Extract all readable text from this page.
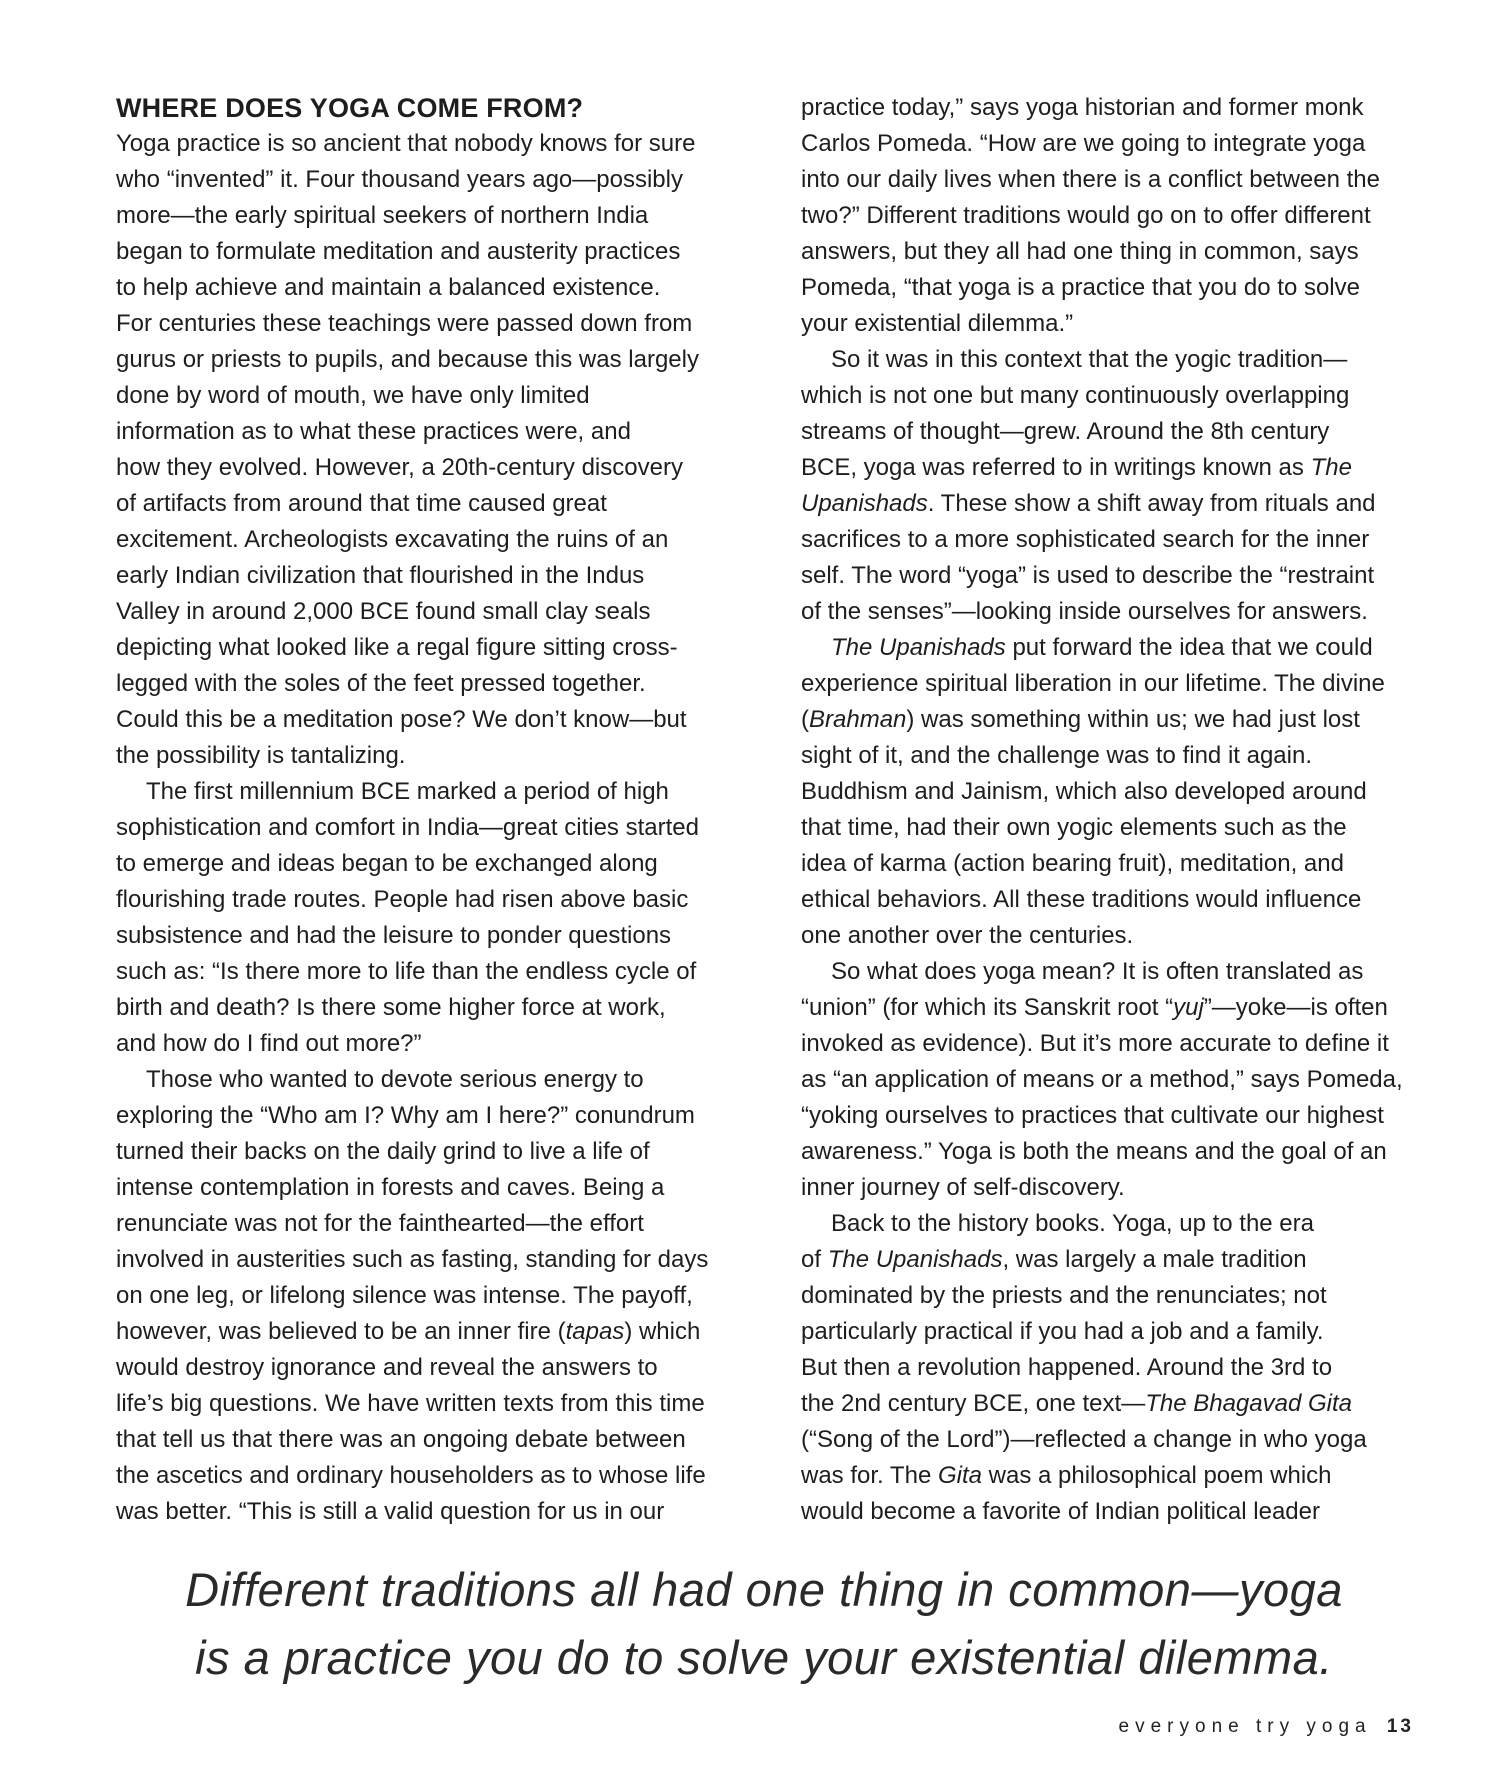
WHERE DOES YOGA COME FROM?
Yoga practice is so ancient that nobody knows for sure
who “invented” it. Four thousand years ago—possibly
more—the early spiritual seekers of northern India
began to formulate meditation and austerity practices
to help achieve and maintain a balanced existence.
For centuries these teachings were passed down from
gurus or priests to pupils, and because this was largely
done by word of mouth, we have only limited
information as to what these practices were, and
how they evolved. However, a 20th-century discovery
of artifacts from around that time caused great
excitement. Archeologists excavating the ruins of an
early Indian civilization that flourished in the Indus
Valley in around 2,000 BCE found small clay seals
depicting what looked like a regal figure sitting cross-
legged with the soles of the feet pressed together.
Could this be a meditation pose? We don’t know—but
the possibility is tantalizing.
The first millennium BCE marked a period of high
sophistication and comfort in India—great cities started
to emerge and ideas began to be exchanged along
flourishing trade routes. People had risen above basic
subsistence and had the leisure to ponder questions
such as: “Is there more to life than the endless cycle of
birth and death? Is there some higher force at work,
and how do I find out more?”
Those who wanted to devote serious energy to
exploring the “Who am I? Why am I here?” conundrum
turned their backs on the daily grind to live a life of
intense contemplation in forests and caves. Being a
renunciate was not for the fainthearted—the effort
involved in austerities such as fasting, standing for days
on one leg, or lifelong silence was intense. The payoff,
however, was believed to be an inner fire (tapas) which
would destroy ignorance and reveal the answers to
life’s big questions. We have written texts from this time
that tell us that there was an ongoing debate between
the ascetics and ordinary householders as to whose life
was better. “This is still a valid question for us in our
practice today,” says yoga historian and former monk
Carlos Pomeda. “How are we going to integrate yoga
into our daily lives when there is a conflict between the
two?” Different traditions would go on to offer different
answers, but they all had one thing in common, says
Pomeda, “that yoga is a practice that you do to solve
your existential dilemma.”
So it was in this context that the yogic tradition—
which is not one but many continuously overlapping
streams of thought—grew. Around the 8th century
BCE, yoga was referred to in writings known as The
Upanishads. These show a shift away from rituals and
sacrifices to a more sophisticated search for the inner
self. The word “yoga” is used to describe the “restraint
of the senses”—looking inside ourselves for answers.
The Upanishads put forward the idea that we could
experience spiritual liberation in our lifetime. The divine
(Brahman) was something within us; we had just lost
sight of it, and the challenge was to find it again.
Buddhism and Jainism, which also developed around
that time, had their own yogic elements such as the
idea of karma (action bearing fruit), meditation, and
ethical behaviors. All these traditions would influence
one another over the centuries.
So what does yoga mean? It is often translated as
“union” (for which its Sanskrit root “yuj”—yoke—is often
invoked as evidence). But it’s more accurate to define it
as “an application of means or a method,” says Pomeda,
“yoking ourselves to practices that cultivate our highest
awareness.” Yoga is both the means and the goal of an
inner journey of self-discovery.
Back to the history books. Yoga, up to the era
of The Upanishads, was largely a male tradition
dominated by the priests and the renunciates; not
particularly practical if you had a job and a family.
But then a revolution happened. Around the 3rd to
the 2nd century BCE, one text—The Bhagavad Gita
(“Song of the Lord”)—reflected a change in who yoga
was for. The Gita was a philosophical poem which
would become a favorite of Indian political leader
Different traditions all had one thing in common—yoga
is a practice you do to solve your existential dilemma.
everyone try yoga 13
